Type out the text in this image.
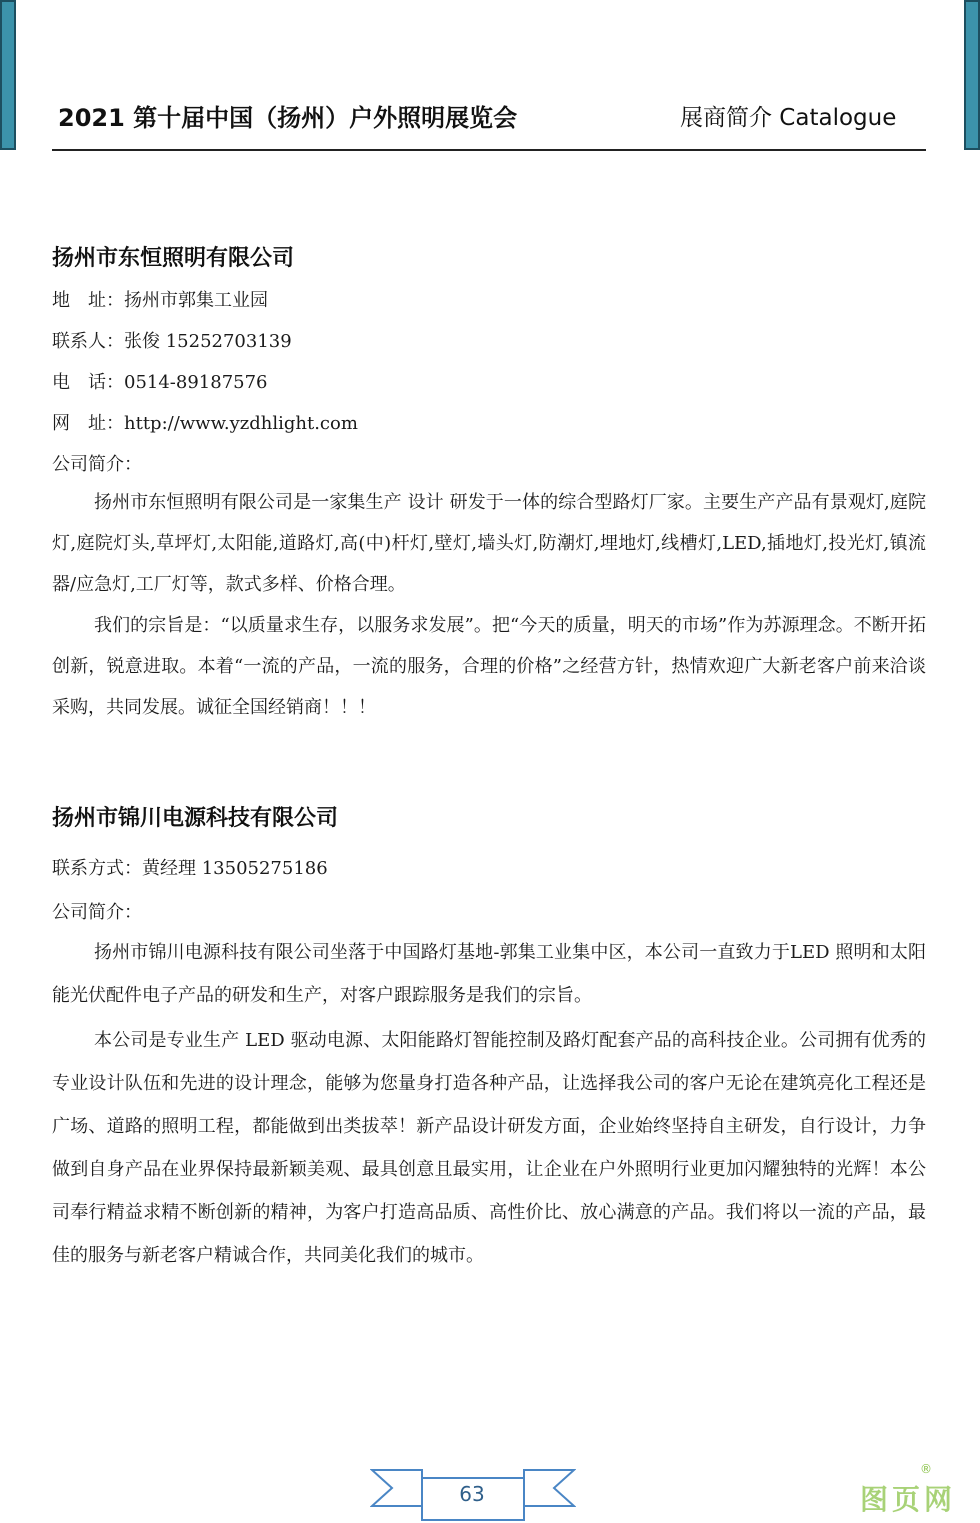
2021 第十届中国（扬州）户外照明展览会	展商简介 Catalogue
扬州市东恒照明有限公司
地　址：扬州市郭集工业园
联系人：张俊 15252703139
电　话：0514-89187576
网　址：http://www.yzdhlight.com
公司简介：
扬州市东恒照明有限公司是一家集生产 设计 研发于一体的综合型路灯厂家。主要生产产品有景观灯,庭院灯,庭院灯头,草坪灯,太阳能,道路灯,高(中)杆灯,壁灯,墙头灯,防潮灯,埋地灯,线槽灯,LED,插地灯,投光灯,镇流器/应急灯,工厂灯等，款式多样、价格合理。
我们的宗旨是：“以质量求生存，以服务求发展”。把“今天的质量，明天的市场”作为苏源理念。不断开拓创新，锐意进取。本着“一流的产品，一流的服务，合理的价格”之经营方针，热情欢迎广大新老客户前来洽谈采购，共同发展。诚征全国经销商！！！
扬州市锦川电源科技有限公司
联系方式：黄经理 13505275186
公司简介：
扬州市锦川电源科技有限公司坐落于中国路灯基地-郭集工业集中区，本公司一直致力于LED 照明和太阳能光伏配件电子产品的研发和生产，对客户跟踪服务是我们的宗旨。
本公司是专业生产 LED 驱动电源、太阳能路灯智能控制及路灯配套产品的高科技企业。公司拥有优秀的专业设计队伍和先进的设计理念，能够为您量身打造各种产品，让选择我公司的客户无论在建筑亮化工程还是广场、道路的照明工程，都能做到出类拔萃！新产品设计研发方面，企业始终坚持自主研发，自行设计，力争做到自身产品在业界保持最新颖美观、最具创意且最实用，让企业在户外照明行业更加闪耀独特的光辉！本公司奉行精益求精不断创新的精神，为客户打造高品质、高性价比、放心满意的产品。我们将以一流的产品，最佳的服务与新老客户精诚合作，共同美化我们的城市。
63	图页网
®
